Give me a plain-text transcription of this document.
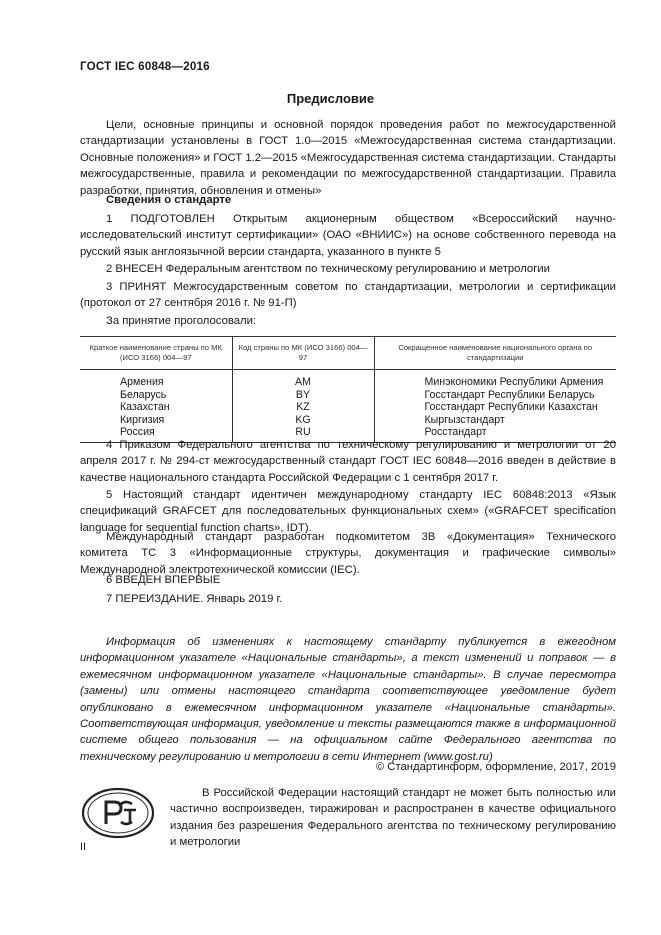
ГОСТ IEC 60848—2016
Предисловие

Цели, основные принципы и основной порядок проведения работ по межгосударственной стандартизации установлены в ГОСТ 1.0—2015 «Межгосударственная система стандартизации. Основные положения» и ГОСТ 1.2—2015 «Межгосударственная система стандартизации. Стандарты межгосударственные, правила и рекомендации по межгосударственной стандартизации. Правила разработки, принятия, обновления и отмены»

Сведения о стандарте

1 ПОДГОТОВЛЕН Открытым акционерным обществом «Всероссийский научно-исследовательский институт сертификации» (ОАО «ВНИИС») на основе собственного перевода на русский язык англоязычной версии стандарта, указанного в пункте 5

2 ВНЕСЕН Федеральным агентством по техническому регулированию и метрологии

3 ПРИНЯТ Межгосударственным советом по стандартизации, метрологии и сертификации (протокол от 27 сентября 2016 г. № 91-П)

За принятие проголосовали:

Краткое наименование страны по МК (ИСО 3166) 004—97	Код страны по МК (ИСО 3166) 004—97	Сокращенное наименование национального органа по стандартизации
Армения	AM	Минэкономики Республики Армения
Беларусь	BY	Госстандарт Республики Беларусь
Казахстан	KZ	Госстандарт Республики Казахстан
Киргизия	KG	Кыргызстандарт
Россия	RU	Росстандарт

4 Приказом Федерального агентства по техническому регулированию и метрологии от 20 апреля 2017 г. № 294-ст межгосударственный стандарт ГОСТ IEC 60848—2016 введен в действие в качестве национального стандарта Российской Федерации с 1 сентября 2017 г.

5 Настоящий стандарт идентичен международному стандарту IEC 60848:2013 «Язык спецификаций GRAFCET для последовательных функциональных схем» («GRAFCET specification language for sequential function charts», IDT).

Международный стандарт разработан подкомитетом 3В «Документация» Технического комитета ТС 3 «Информационные структуры, документация и графические символы» Международной электротехнической комиссии (IEC).

6 ВВЕДЕН ВПЕРВЫЕ

7 ПЕРЕИЗДАНИЕ. Январь 2019 г.

Информация об изменениях к настоящему стандарту публикуется в ежегодном информационном указателе «Национальные стандарты», а текст изменений и поправок — в ежемесячном информационном указателе «Национальные стандарты». В случае пересмотра (замены) или отмены настоящего стандарта соответствующее уведомление будет опубликовано в ежемесячном информационном указателе «Национальные стандарты». Соответствующая информация, уведомление и тексты размещаются также в информационной системе общего пользования — на официальном сайте Федерального агентства по техническому регулированию и метрологии в сети Интернет (www.gost.ru)

© Стандартинформ, оформление, 2017, 2019

В Российской Федерации настоящий стандарт не может быть полностью или частично воспроизведен, тиражирован и распространен в качестве официального издания без разрешения Федерального агентства по техническому регулированию и метрологии

II
